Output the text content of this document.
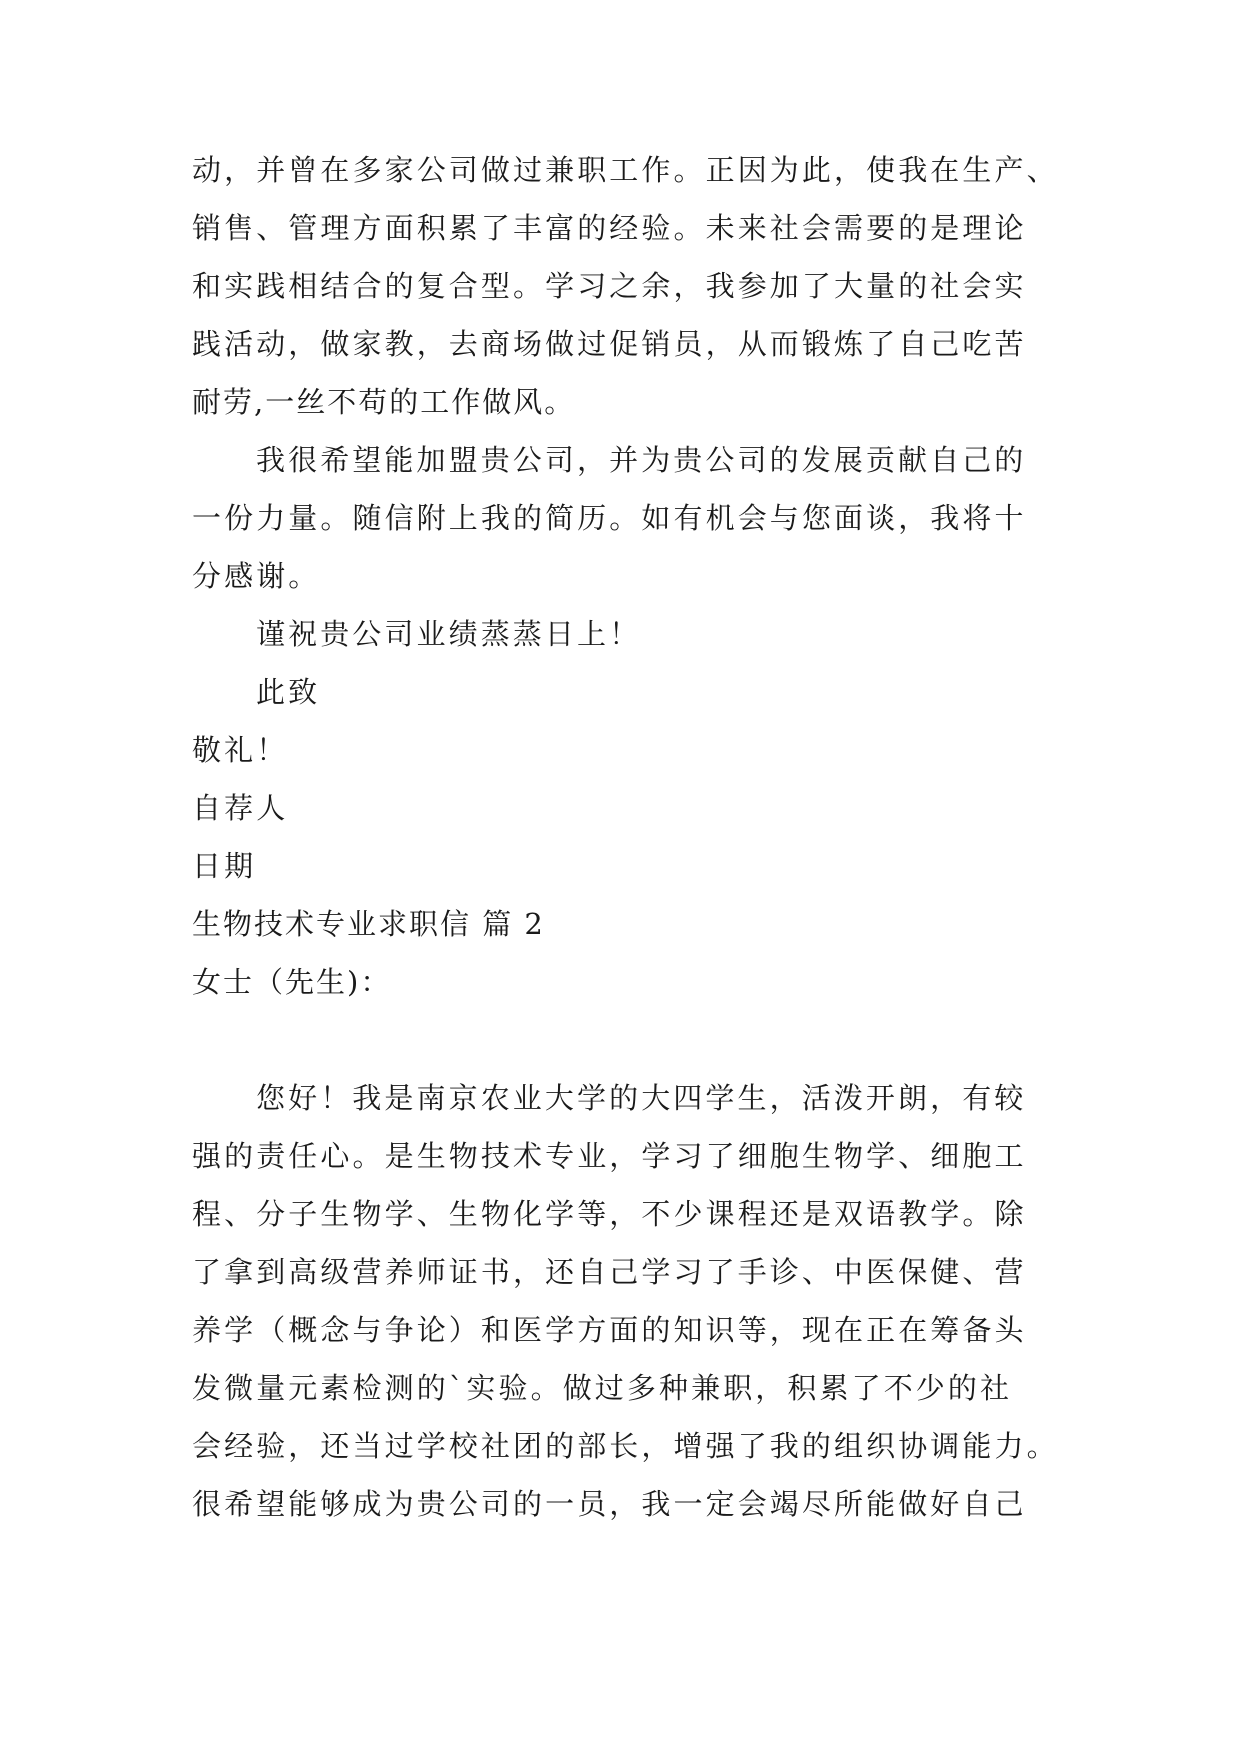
动，并曾在多家公司做过兼职工作。正因为此，使我在生产、
销售、管理方面积累了丰富的经验。未来社会需要的是理论
和实践相结合的复合型。学习之余，我参加了大量的社会实
践活动，做家教，去商场做过促销员，从而锻炼了自己吃苦
耐劳,一丝不苟的工作做风。
我很希望能加盟贵公司，并为贵公司的发展贡献自己的
一份力量。随信附上我的简历。如有机会与您面谈，我将十
分感谢。
谨祝贵公司业绩蒸蒸日上！
此致
敬礼！
自荐人
日期
生物技术专业求职信 篇 2
女士（先生)：
您好！我是南京农业大学的大四学生，活泼开朗，有较
强的责任心。是生物技术专业，学习了细胞生物学、细胞工
程、分子生物学、生物化学等，不少课程还是双语教学。除
了拿到高级营养师证书，还自己学习了手诊、中医保健、营
养学（概念与争论）和医学方面的知识等，现在正在筹备头
发微量元素检测的`实验。做过多种兼职，积累了不少的社
会经验，还当过学校社团的部长，增强了我的组织协调能力。
很希望能够成为贵公司的一员，我一定会竭尽所能做好自己
